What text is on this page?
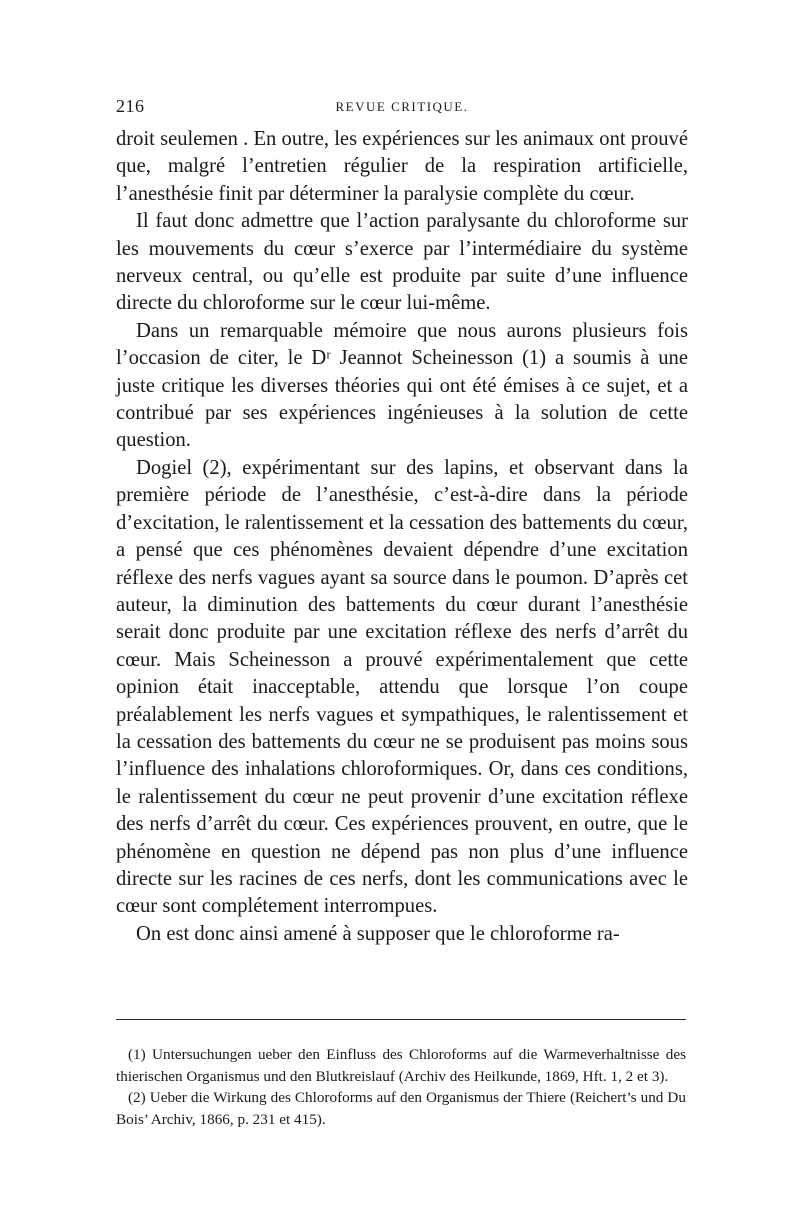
216	REVUE CRITIQUE.

droit seulemen . En outre, les expériences sur les animaux ont prouvé que, malgré l’entretien régulier de la respiration artificielle, l’anesthésie finit par déterminer la paralysie complète du cœur.

Il faut donc admettre que l’action paralysante du chloroforme sur les mouvements du cœur s’exerce par l’intermédiaire du système nerveux central, ou qu’elle est produite par suite d’une influence directe du chloroforme sur le cœur lui-même.

Dans un remarquable mémoire que nous aurons plusieurs fois l’occasion de citer, le Dʳ Jeannot Scheinesson (1) a soumis à une juste critique les diverses théories qui ont été émises à ce sujet, et a contribué par ses expériences ingénieuses à la solution de cette question.

Dogiel (2), expérimentant sur des lapins, et observant dans la première période de l’anesthésie, c’est-à-dire dans la période d’excitation, le ralentissement et la cessation des battements du cœur, a pensé que ces phénomènes devaient dépendre d’une excitation réflexe des nerfs vagues ayant sa source dans le poumon. D’après cet auteur, la diminution des battements du cœur durant l’anesthésie serait donc produite par une excitation réflexe des nerfs d’arrêt du cœur. Mais Scheinesson a prouvé expérimentalement que cette opinion était inacceptable, attendu que lorsque l’on coupe préalablement les nerfs vagues et sympathiques, le ralentissement et la cessation des battements du cœur ne se produisent pas moins sous l’influence des inhalations chloroformiques. Or, dans ces conditions, le ralentissement du cœur ne peut provenir d’une excitation réflexe des nerfs d’arrêt du cœur. Ces expériences prouvent, en outre, que le phénomène en question ne dépend pas non plus d’une influence directe sur les racines de ces nerfs, dont les communications avec le cœur sont complétement interrompues.

On est donc ainsi amené à supposer que le chloroforme ra-

(1) Untersuchungen ueber den Einfluss des Chloroforms auf die Warmeverhaltnisse des thierischen Organismus und den Blutkreislauf (Archiv des Heilkunde, 1869, Hft. 1, 2 et 3).

(2) Ueber die Wirkung des Chloroforms auf den Organismus der Thiere (Reichert’s und Du Bois’ Archiv, 1866, p. 231 et 415).
